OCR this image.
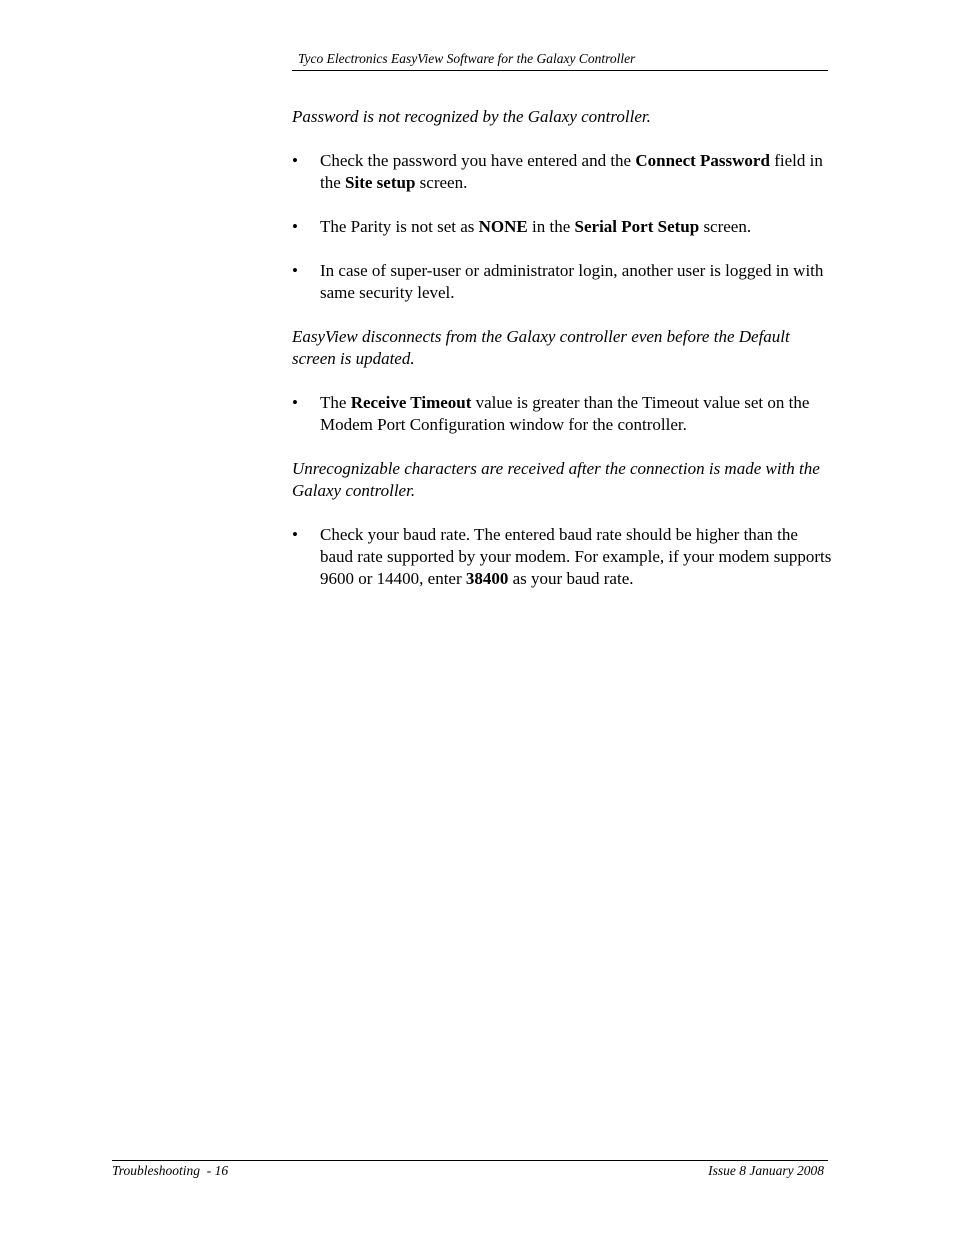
Tyco Electronics EasyView Software for the Galaxy Controller

Password is not recognized by the Galaxy controller.

• Check the password you have entered and the Connect Password field in the Site setup screen.
• The Parity is not set as NONE in the Serial Port Setup screen.
• In case of super-user or administrator login, another user is logged in with same security level.

EasyView disconnects from the Galaxy controller even before the Default screen is updated.

• The Receive Timeout value is greater than the Timeout value set on the Modem Port Configuration window for the controller.

Unrecognizable characters are received after the connection is made with the Galaxy controller.

• Check your baud rate. The entered baud rate should be higher than the baud rate supported by your modem. For example, if your modem supports 9600 or 14400, enter 38400 as your baud rate.
Troubleshooting  - 16	Issue 8 January 2008
